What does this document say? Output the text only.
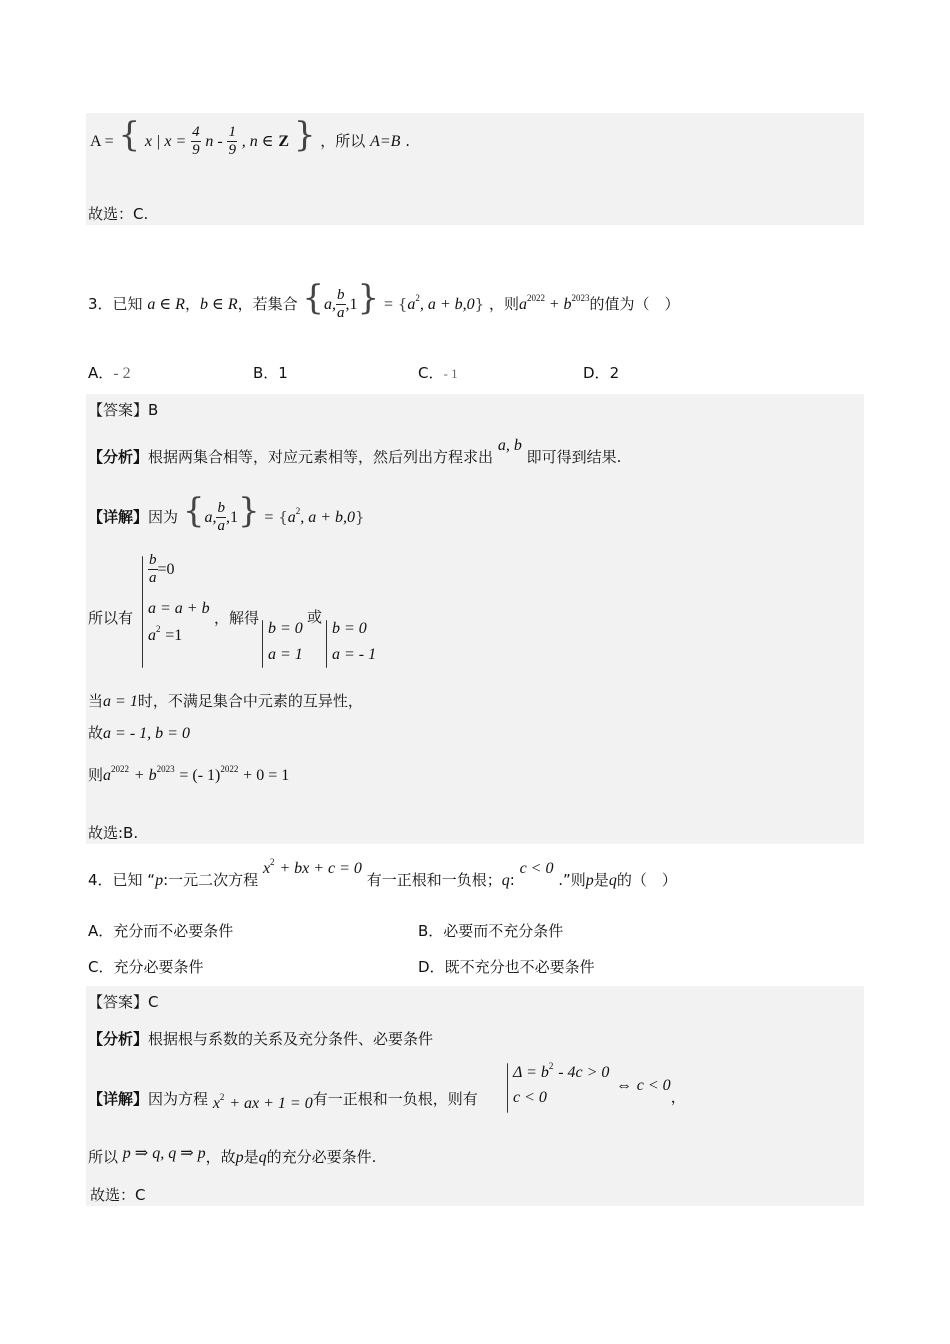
A = { x | $x = \frac{4}{9}$ n - $\frac{1}{9}$ , n ∈ Z } ，所以 A=B .
故选：C.
3．已知 a ∈ R，b ∈ R，若集合 {a, $\frac{b}{a} ,1\} = \{a^2$, a + b,0} ，则$a^{2022} + b^{2023}$的值为（　）
A．- 2	B．1	C．- 1	D．2
【答案】B
【分析】根据两集合相等，对应元素相等，然后列出方程求出 a, b 即可得到结果.
【详解】因为 {a, $\frac{b}{a} ,1\} = \{a^2$, a + b,0}
所以有
$\frac{b}{a} =0$
a = a + b
$a^2 =1$
，解得
b = 0
a = 1
或
b = 0
a = - 1
当a = 1时，不满足集合中元素的互异性，
故a = - 1, b = 0
则$a^{2022} + b^{2023}$ = (- 1)$^{2022}$ + 0 = 1
故选:B.
4．已知 “p:一元二次方程 $x^2$ + bx + c = 0 有一正根和一负根；q: c < 0 .”则p是q的（　）
A．充分而不必要条件	B．必要而不充分条件
C．充分必要条件	D．既不充分也不必要条件
【答案】C
【分析】根据根与系数的关系及充分条件、必要条件
【详解】因为方程 $x^2$ + ax + 1 = 0有一正根和一负根，则有
$\Delta = b^2 - 4c > 0$
c < 0
⇔ c < 0，
所以 p ⇒ q, q ⇒ p，故p是q的充分必要条件.
故选：C
